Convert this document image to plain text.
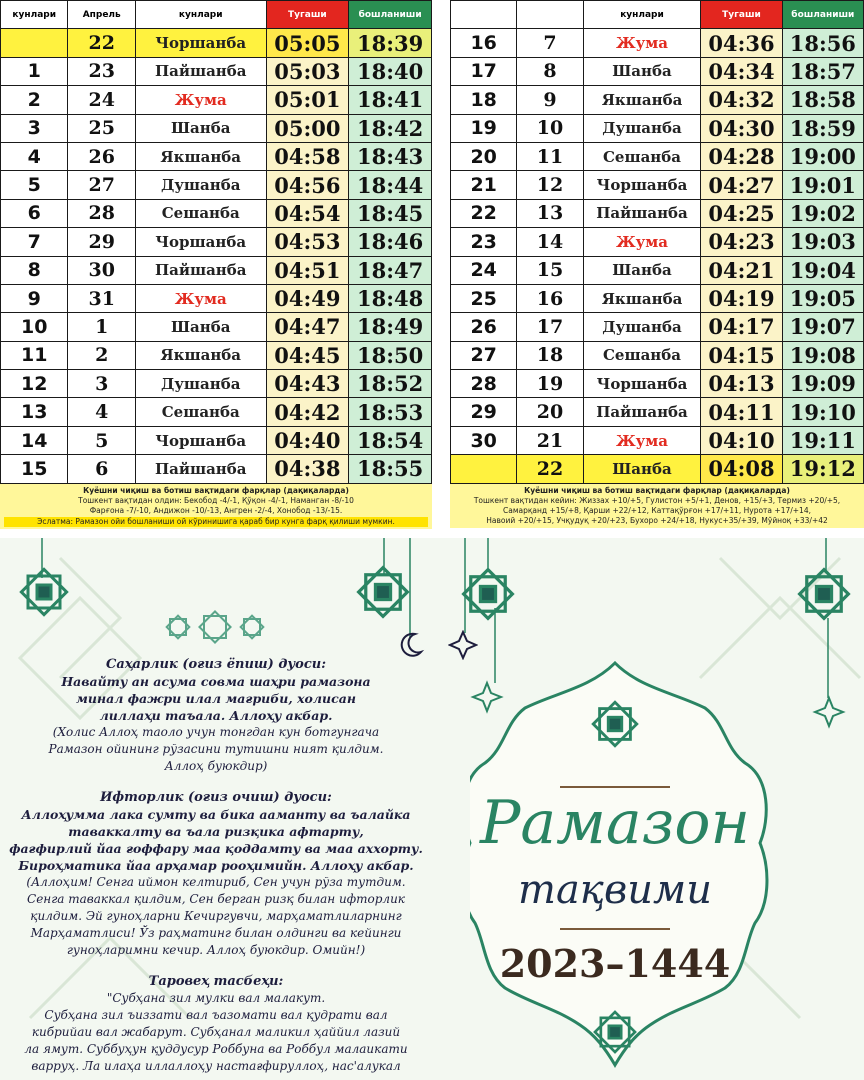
кунлари	Апрель	кунлари	Тугаши	бошланиши
	22	Чоршанба	05:05	18:39
1	23	Пайшанба	05:03	18:40
2	24	Жума	05:01	18:41
3	25	Шанба	05:00	18:42
4	26	Якшанба	04:58	18:43
5	27	Душанба	04:56	18:44
6	28	Сешанба	04:54	18:45
7	29	Чоршанба	04:53	18:46
8	30	Пайшанба	04:51	18:47
9	31	Жума	04:49	18:48
10	1	Шанба	04:47	18:49
11	2	Якшанба	04:45	18:50
12	3	Душанба	04:43	18:52
13	4	Сешанба	04:42	18:53
14	5	Чоршанба	04:40	18:54
15	6	Пайшанба	04:38	18:55
Куёшни чиқиш ва ботиш вақтидаги фарқлар (дақиқаларда)
Тошкент вақтидан олдин: Бекобод -4/-1, Қўқон -4/-1, Наманган -8/-10
Фарғона -7/-10, Андижон -10/-13, Ангрен -2/-4, Хонобод -13/-15.
Эслатма: Рамазон ойи бошланиши ой кўринишига қараб бир кунга фарқ қилиши мумкин.
		кунлари	Тугаши	бошланиши
16	7	Жума	04:36	18:56
17	8	Шанба	04:34	18:57
18	9	Якшанба	04:32	18:58
19	10	Душанба	04:30	18:59
20	11	Сешанба	04:28	19:00
21	12	Чоршанба	04:27	19:01
22	13	Пайшанба	04:25	19:02
23	14	Жума	04:23	19:03
24	15	Шанба	04:21	19:04
25	16	Якшанба	04:19	19:05
26	17	Душанба	04:17	19:07
27	18	Сешанба	04:15	19:08
28	19	Чоршанба	04:13	19:09
29	20	Пайшанба	04:11	19:10
30	21	Жума	04:10	19:11
	22	Шанба	04:08	19:12
Куёшни чиқиш ва ботиш вақтидаги фарқлар (дақиқаларда)
Тошкент вақтидан кейин: Жиззах +10/+5, Гулистон +5/+1, Денов, +15/+3, Термиз +20/+5,
Самарқанд +15/+8, Қарши +22/+12, Каттақўрғон +17/+11, Нурота +17/+14,
Навоий +20/+15, Учқудуқ +20/+23, Бухоро +24/+18, Нукус+35/+39, Мўйноқ +33/+42
Саҳарлик (оғиз ёпиш) дуоси:
Навайту ан асума совма шаҳри рамазона
минал фажри илал мағриби, холисан
лиллаҳи таъала. Аллоҳу акбар.
(Холис Аллоҳ таоло учун тонгдан кун ботгунгача
Рамазон ойининг рўзасини тутишни ният қилдим.
Аллоҳ буюкдир)
Ифторлик (оғиз очиш) дуоси:
Аллоҳумма лака сумту ва бика ааманту ва ъалайка
таваккалту ва ъала ризқика афтарту,
фағфирлий йаа ғоффару маа қоддамту ва маа аххорту.
Бироҳматика йаа арҳамар рооҳимийн. Аллоҳу акбар.
(Аллоҳим! Сенга иймон келтириб, Сен учун рўза тутдим.
Сенга таваккал қилдим, Сен берган ризқ билан ифторлик
қилдим. Эй гуноҳларни Кечиргувчи, марҳаматлиларнинг
Марҳаматлиси! Ўз раҳматинг билан олдинги ва кейинги
гуноҳларимни кечир. Аллоҳ буюкдир. Омийн!)
Таровеҳ тасбеҳи:
"Субҳана зил мулки вал малакут.
Субҳана зил ъиззати вал ъазомати вал қудрати вал
кибрийаи вал жабарут. Субҳанал маликил ҳаййил лазий
ла ямут. Суббуҳун қуддусур Роббуна ва Роббул малаикати
варруҳ. Ла илаҳа иллаллоҳу настағфируллоҳ, нас'алукал
Рамазон
тақвими
2023–1444
